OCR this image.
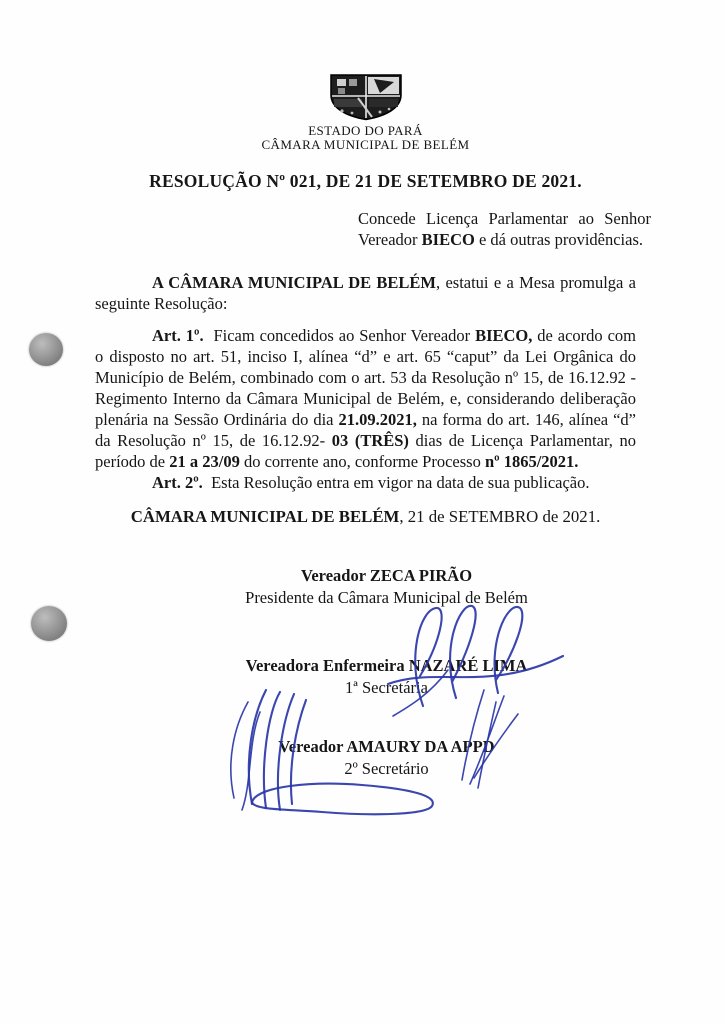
ESTADO DO PARÁ
CÂMARA MUNICIPAL DE BELÉM
RESOLUÇÃO Nº 021, DE 21 DE SETEMBRO DE 2021.
Concede Licença Parlamentar ao Senhor Vereador BIECO e dá outras providências.
A CÂMARA MUNICIPAL DE BELÉM, estatui e a Mesa promulga a seguinte Resolução:
Art. 1º.  Ficam concedidos ao Senhor Vereador BIECO, de acordo com o disposto no art. 51, inciso I, alínea “d” e art. 65 “caput” da Lei Orgânica do Município de Belém, combinado com o art. 53 da Resolução nº 15, de 16.12.92 - Regimento Interno da Câmara Municipal de Belém, e, considerando deliberação plenária na Sessão Ordinária do dia 21.09.2021, na forma do art. 146, alínea “d” da Resolução nº 15, de 16.12.92- 03 (TRÊS) dias de Licença Parlamentar, no período de 21 a 23/09 do corrente ano, conforme Processo nº 1865/2021.
Art. 2º.  Esta Resolução entra em vigor na data de sua publicação.
CÂMARA MUNICIPAL DE BELÉM, 21 de SETEMBRO de 2021.
Vereador ZECA PIRÃO
Presidente da Câmara Municipal de Belém
Vereadora Enfermeira NAZARÉ LIMA
1ª Secretária
Vereador AMAURY DA APPD
2º Secretário
